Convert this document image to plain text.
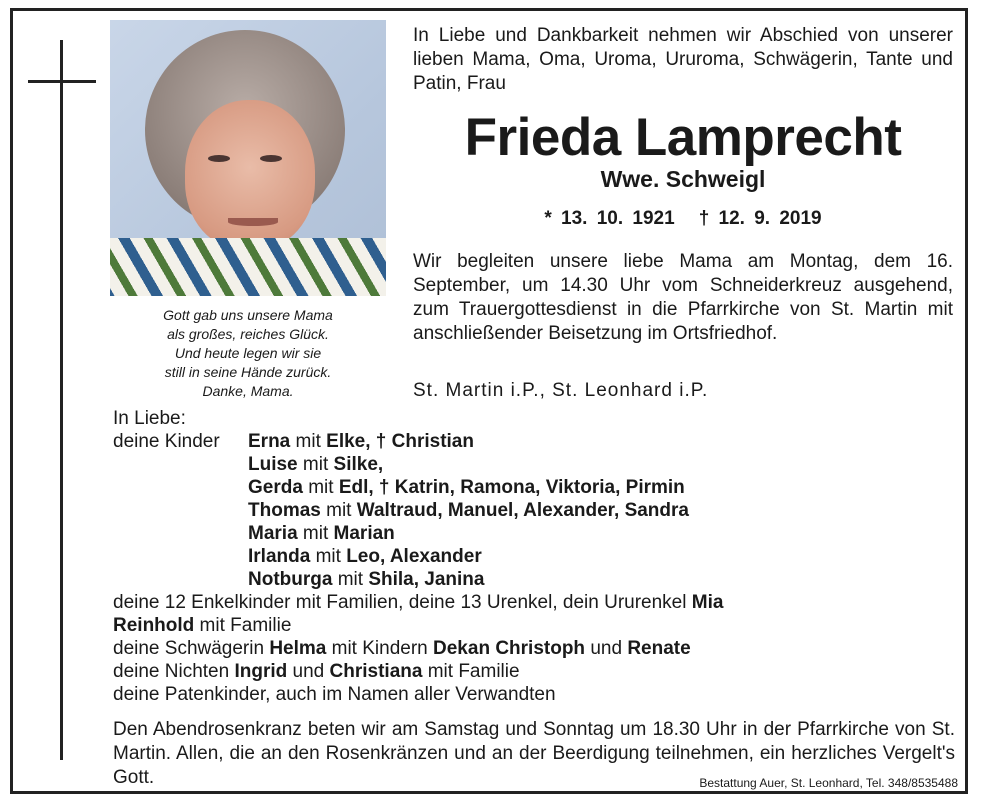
Gott gab uns unsere Mama
als großes, reiches Glück.
Und heute legen wir sie
still in seine Hände zurück.
Danke, Mama.
In Liebe und Dankbarkeit nehmen wir Abschied von unserer lieben Mama, Oma, Uroma, Ururoma, Schwägerin, Tante und Patin, Frau
Frieda Lamprecht
Wwe. Schweigl
* 13. 10. 1921 † 12. 9. 2019
Wir begleiten unsere liebe Mama am Montag, dem 16. September, um 14.30 Uhr vom Schneiderkreuz ausgehend, zum Trauergottesdienst in die Pfarrkirche von St. Martin mit anschließender Beisetzung im Ortsfriedhof.
St. Martin i.P., St. Leonhard i.P.
In Liebe:
deine Kinder Erna mit Elke, † Christian
Luise mit Silke,
Gerda mit Edl, † Katrin, Ramona, Viktoria, Pirmin
Thomas mit Waltraud, Manuel, Alexander, Sandra
Maria mit Marian
Irlanda mit Leo, Alexander
Notburga mit Shila, Janina
deine 12 Enkelkinder mit Familien, deine 13 Urenkel, dein Ururenkel Mia
Reinhold mit Familie
deine Schwägerin Helma mit Kindern Dekan Christoph und Renate
deine Nichten Ingrid und Christiana mit Familie
deine Patenkinder, auch im Namen aller Verwandten
Den Abendrosenkranz beten wir am Samstag und Sonntag um 18.30 Uhr in der Pfarrkirche von St. Martin. Allen, die an den Rosenkränzen und an der Beerdigung teilnehmen, ein herzliches Vergelt's Gott.	Bestattung Auer, St. Leonhard, Tel. 348/8535488
